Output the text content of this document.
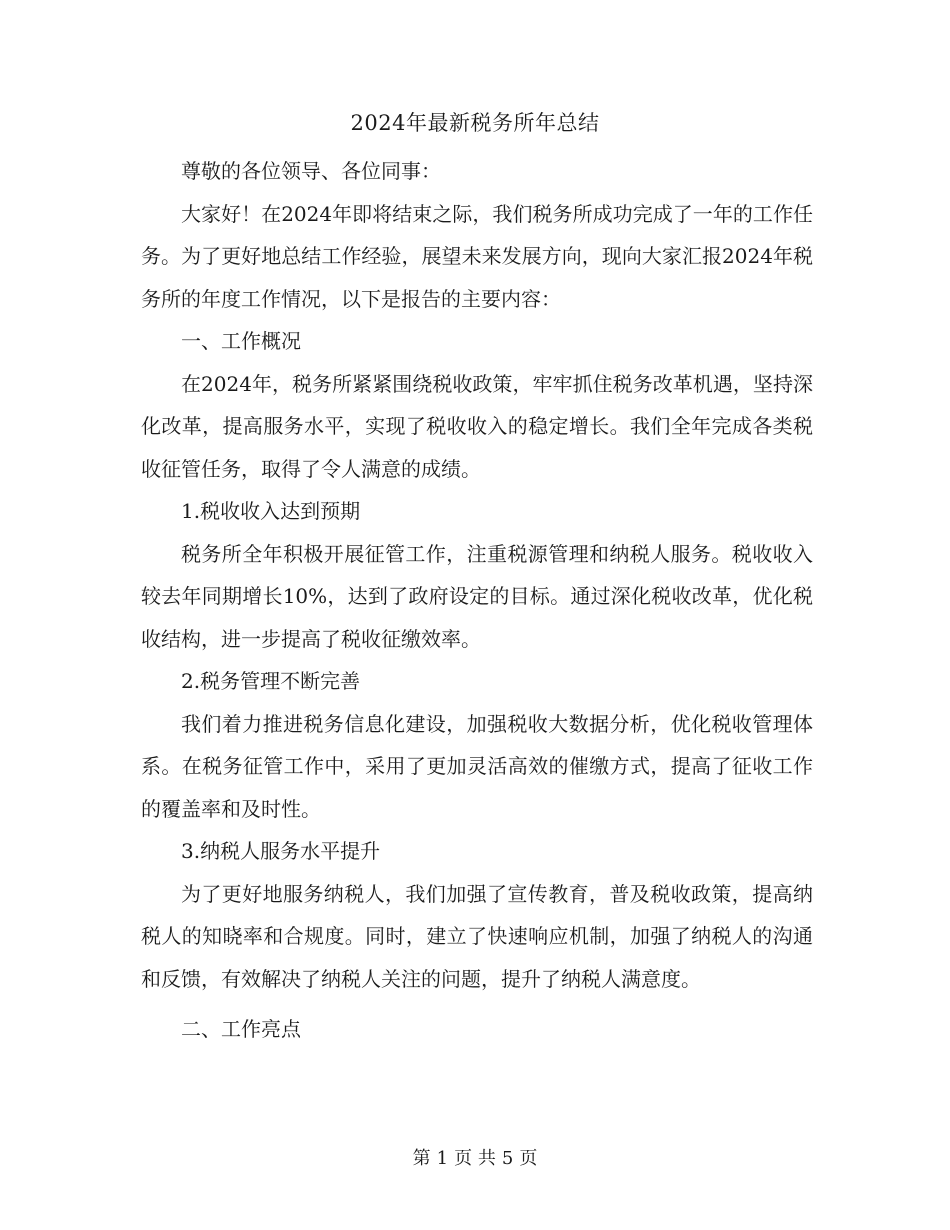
2024年最新税务所年总结

尊敬的各位领导、各位同事：

大家好！在2024年即将结束之际，我们税务所成功完成了一年的工作任务。为了更好地总结工作经验，展望未来发展方向，现向大家汇报2024年税务所的年度工作情况，以下是报告的主要内容：

一、工作概况

在2024年，税务所紧紧围绕税收政策，牢牢抓住税务改革机遇，坚持深化改革，提高服务水平，实现了税收收入的稳定增长。我们全年完成各类税收征管任务，取得了令人满意的成绩。

1.税收收入达到预期

税务所全年积极开展征管工作，注重税源管理和纳税人服务。税收收入较去年同期增长10%，达到了政府设定的目标。通过深化税收改革，优化税收结构，进一步提高了税收征缴效率。

2.税务管理不断完善

我们着力推进税务信息化建设，加强税收大数据分析，优化税收管理体系。在税务征管工作中，采用了更加灵活高效的催缴方式，提高了征收工作的覆盖率和及时性。

3.纳税人服务水平提升

为了更好地服务纳税人，我们加强了宣传教育，普及税收政策，提高纳税人的知晓率和合规度。同时，建立了快速响应机制，加强了纳税人的沟通和反馈，有效解决了纳税人关注的问题，提升了纳税人满意度。

二、工作亮点

第 1 页 共 5 页
